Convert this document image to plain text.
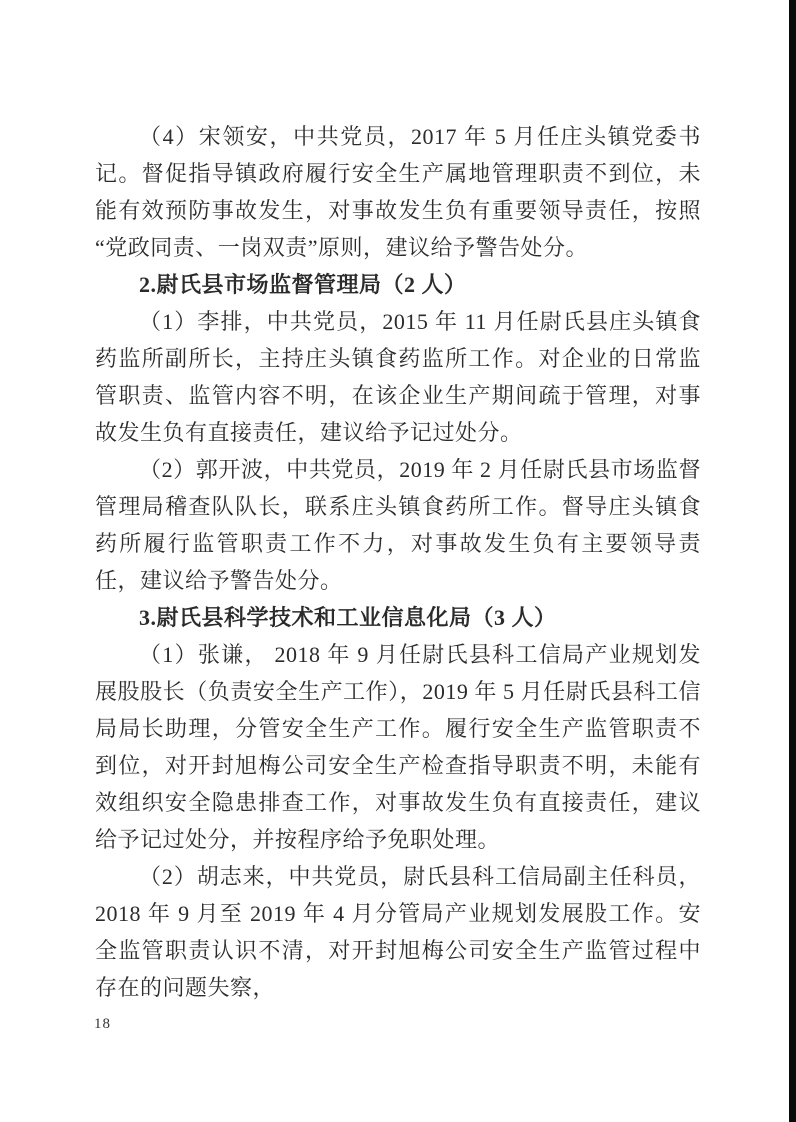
（4）宋领安，中共党员，2017 年 5 月任庄头镇党委书记。督促指导镇政府履行安全生产属地管理职责不到位，未能有效预防事故发生，对事故发生负有重要领导责任，按照“党政同责、一岗双责”原则，建议给予警告处分。

2.尉氏县市场监督管理局（2 人）

（1）李排，中共党员，2015 年 11 月任尉氏县庄头镇食药监所副所长，主持庄头镇食药监所工作。对企业的日常监管职责、监管内容不明，在该企业生产期间疏于管理，对事故发生负有直接责任，建议给予记过处分。

（2）郭开波，中共党员，2019 年 2 月任尉氏县市场监督管理局稽查队队长，联系庄头镇食药所工作。督导庄头镇食药所履行监管职责工作不力，对事故发生负有主要领导责任，建议给予警告处分。

3.尉氏县科学技术和工业信息化局（3 人）

（1）张谦， 2018 年 9 月任尉氏县科工信局产业规划发展股股长（负责安全生产工作），2019 年 5 月任尉氏县科工信局局长助理，分管安全生产工作。履行安全生产监管职责不到位，对开封旭梅公司安全生产检查指导职责不明，未能有效组织安全隐患排查工作，对事故发生负有直接责任，建议给予记过处分，并按程序给予免职处理。

（2）胡志来，中共党员，尉氏县科工信局副主任科员，2018 年 9 月至 2019 年 4 月分管局产业规划发展股工作。安全监管职责认识不清，对开封旭梅公司安全生产监管过程中存在的问题失察，

18
